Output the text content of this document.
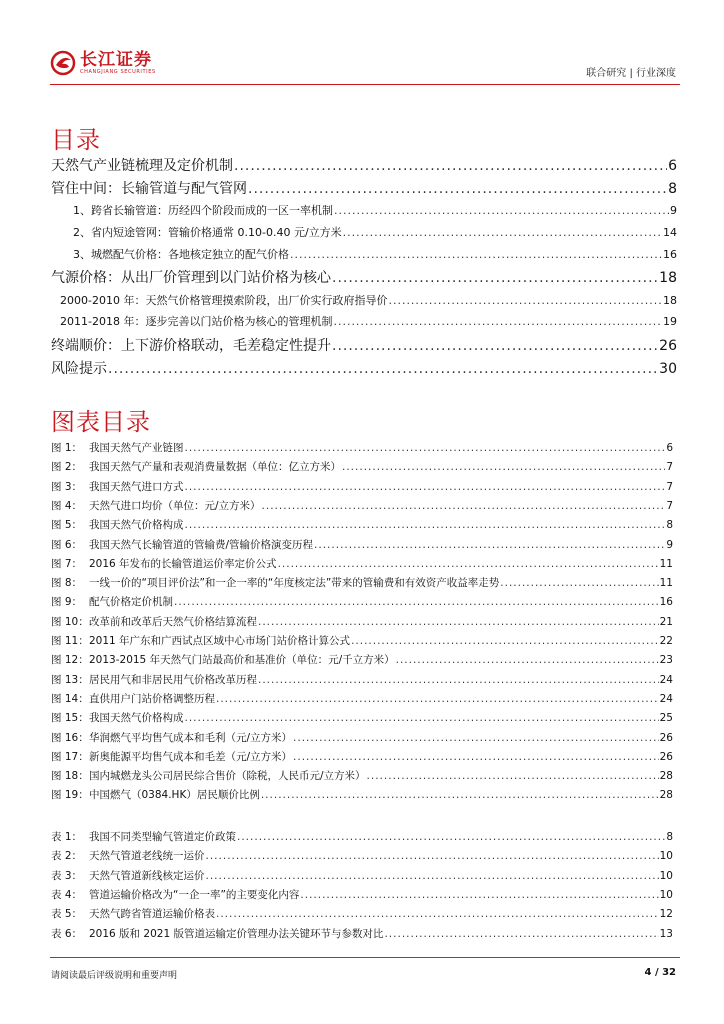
长江证券
CHANGJIANG SECURITIES	联合研究 | 行业深度
目录
天然气产业链梳理及定价机制 .....	6
管住中间：长输管道与配气管网 .....	8
1、跨省长输管道：历经四个阶段而成的一区一率机制 .....	9
2、省内短途管网：管输价格通常 0.10-0.40 元/立方米 .....	14
3、城燃配气价格：各地核定独立的配气价格 .....	16
气源价格：从出厂价管理到以门站价格为核心 .....	18
2000-2010 年：天然气价格管理摸索阶段，出厂价实行政府指导价 .....	18
2011-2018 年：逐步完善以门站价格为核心的管理机制 .....	19
终端顺价：上下游价格联动，毛差稳定性提升 .....	26
风险提示 .....	30
图表目录
图 1： 我国天然气产业链图 .....	6
图 2： 我国天然气产量和表观消费量数据（单位：亿立方米） .....	7
图 3： 我国天然气进口方式 .....	7
图 4： 天然气进口均价（单位：元/立方米） .....	7
图 5： 我国天然气价格构成 .....	8
图 6： 我国天然气长输管道的管输费/管输价格演变历程 .....	9
图 7： 2016 年发布的长输管道运价率定价公式 .....	11
图 8： 一线一价的“项目评价法”和一企一率的“年度核定法”带来的管输费和有效资产收益率走势 .....	11
图 9： 配气价格定价机制 .....	16
图 10： 改革前和改革后天然气价格结算流程 .....	21
图 11： 2011 年广东和广西试点区域中心市场门站价格计算公式 .....	22
图 12： 2013-2015 年天然气门站最高价和基准价（单位：元/千立方米） .....	23
图 13： 居民用气和非居民用气价格改革历程 .....	24
图 14： 直供用户门站价格调整历程 .....	24
图 15： 我国天然气价格构成 .....	25
图 16： 华润燃气平均售气成本和毛利（元/立方米） .....	26
图 17： 新奥能源平均售气成本和毛差（元/立方米） .....	26
图 18： 国内城燃龙头公司居民综合售价（除税，人民币元/立方米） .....	28
图 19： 中国燃气（0384.HK）居民顺价比例 .....	28
表 1： 我国不同类型输气管道定价政策 .....	8
表 2： 天然气管道老线统一运价 .....	10
表 3： 天然气管道新线核定运价 .....	10
表 4： 管道运输价格改为“一企一率”的主要变化内容 .....	10
表 5： 天然气跨省管道运输价格表 .....	12
表 6： 2016 版和 2021 版管道运输定价管理办法关键环节与参数对比 .....	13
请阅读最后评级说明和重要声明	4 / 32
